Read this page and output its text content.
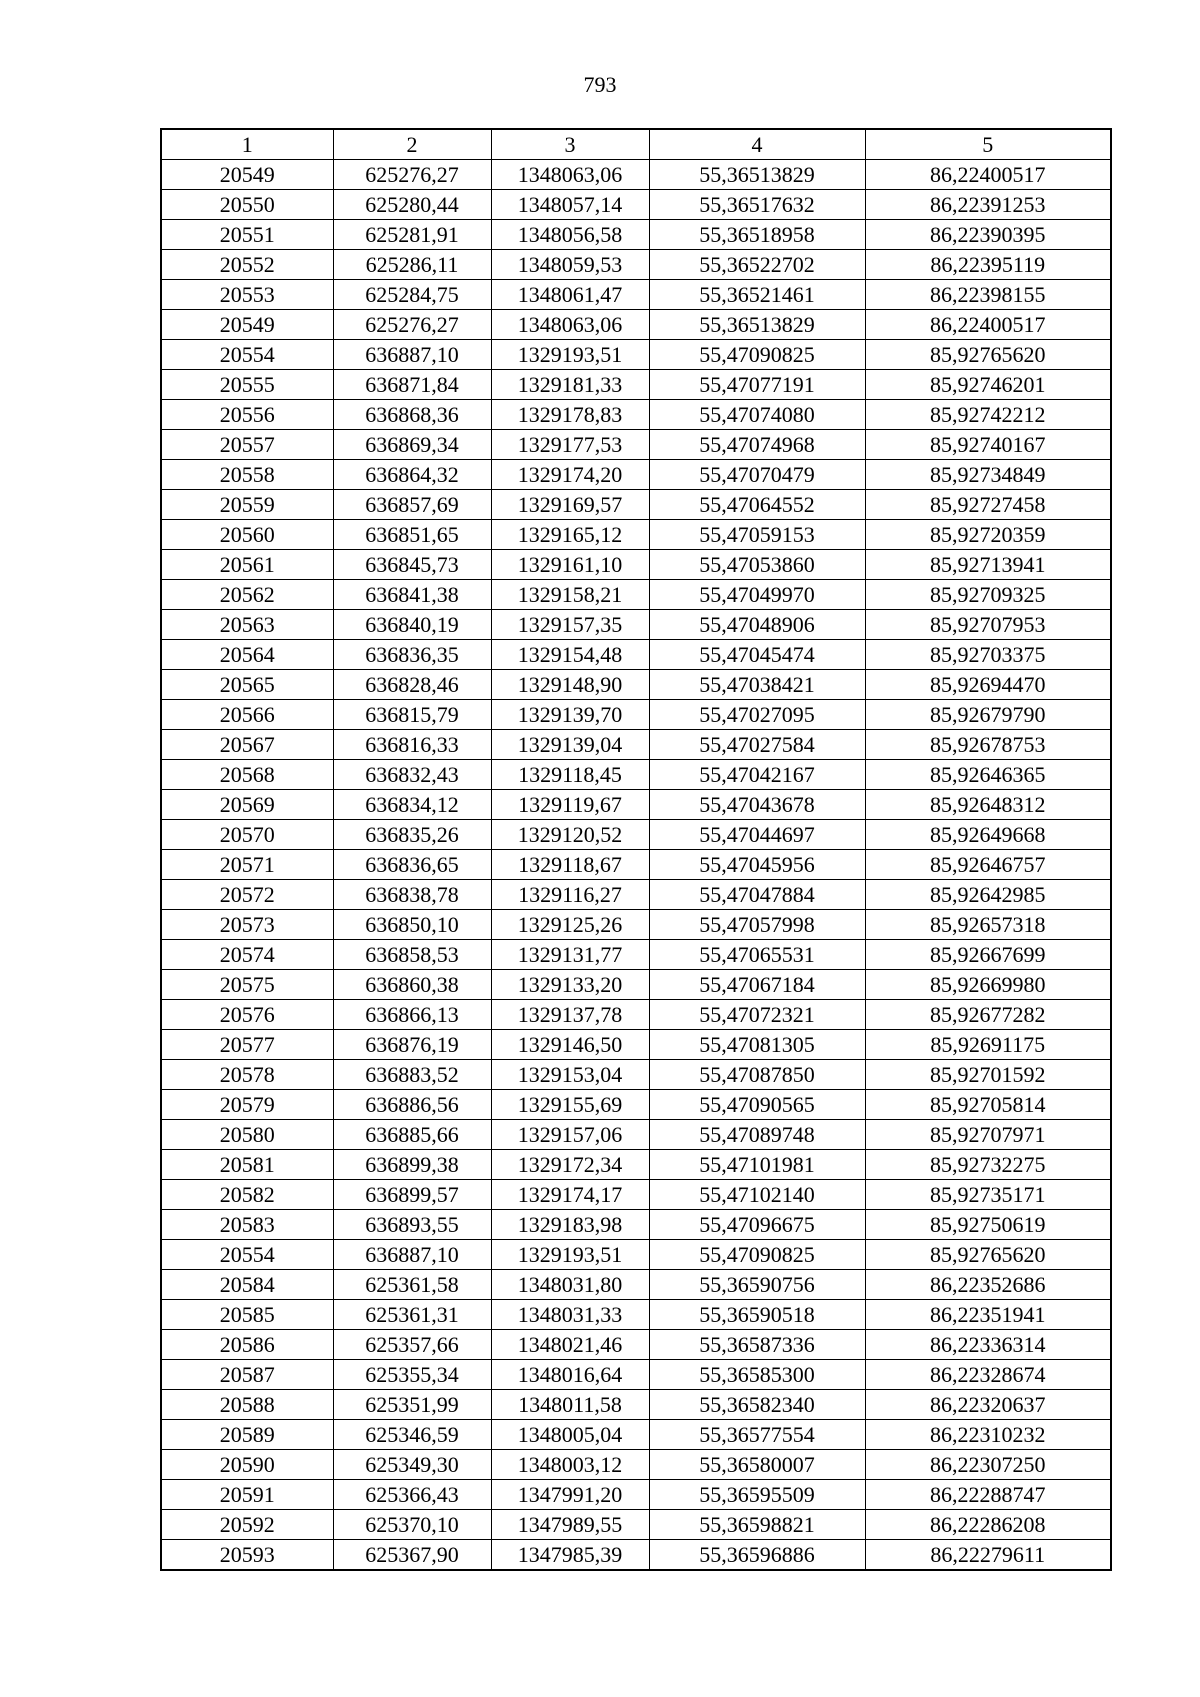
793
1	2	3	4	5
20549	625276,27	1348063,06	55,36513829	86,22400517
20550	625280,44	1348057,14	55,36517632	86,22391253
20551	625281,91	1348056,58	55,36518958	86,22390395
20552	625286,11	1348059,53	55,36522702	86,22395119
20553	625284,75	1348061,47	55,36521461	86,22398155
20549	625276,27	1348063,06	55,36513829	86,22400517
20554	636887,10	1329193,51	55,47090825	85,92765620
20555	636871,84	1329181,33	55,47077191	85,92746201
20556	636868,36	1329178,83	55,47074080	85,92742212
20557	636869,34	1329177,53	55,47074968	85,92740167
20558	636864,32	1329174,20	55,47070479	85,92734849
20559	636857,69	1329169,57	55,47064552	85,92727458
20560	636851,65	1329165,12	55,47059153	85,92720359
20561	636845,73	1329161,10	55,47053860	85,92713941
20562	636841,38	1329158,21	55,47049970	85,92709325
20563	636840,19	1329157,35	55,47048906	85,92707953
20564	636836,35	1329154,48	55,47045474	85,92703375
20565	636828,46	1329148,90	55,47038421	85,92694470
20566	636815,79	1329139,70	55,47027095	85,92679790
20567	636816,33	1329139,04	55,47027584	85,92678753
20568	636832,43	1329118,45	55,47042167	85,92646365
20569	636834,12	1329119,67	55,47043678	85,92648312
20570	636835,26	1329120,52	55,47044697	85,92649668
20571	636836,65	1329118,67	55,47045956	85,92646757
20572	636838,78	1329116,27	55,47047884	85,92642985
20573	636850,10	1329125,26	55,47057998	85,92657318
20574	636858,53	1329131,77	55,47065531	85,92667699
20575	636860,38	1329133,20	55,47067184	85,92669980
20576	636866,13	1329137,78	55,47072321	85,92677282
20577	636876,19	1329146,50	55,47081305	85,92691175
20578	636883,52	1329153,04	55,47087850	85,92701592
20579	636886,56	1329155,69	55,47090565	85,92705814
20580	636885,66	1329157,06	55,47089748	85,92707971
20581	636899,38	1329172,34	55,47101981	85,92732275
20582	636899,57	1329174,17	55,47102140	85,92735171
20583	636893,55	1329183,98	55,47096675	85,92750619
20554	636887,10	1329193,51	55,47090825	85,92765620
20584	625361,58	1348031,80	55,36590756	86,22352686
20585	625361,31	1348031,33	55,36590518	86,22351941
20586	625357,66	1348021,46	55,36587336	86,22336314
20587	625355,34	1348016,64	55,36585300	86,22328674
20588	625351,99	1348011,58	55,36582340	86,22320637
20589	625346,59	1348005,04	55,36577554	86,22310232
20590	625349,30	1348003,12	55,36580007	86,22307250
20591	625366,43	1347991,20	55,36595509	86,22288747
20592	625370,10	1347989,55	55,36598821	86,22286208
20593	625367,90	1347985,39	55,36596886	86,22279611
